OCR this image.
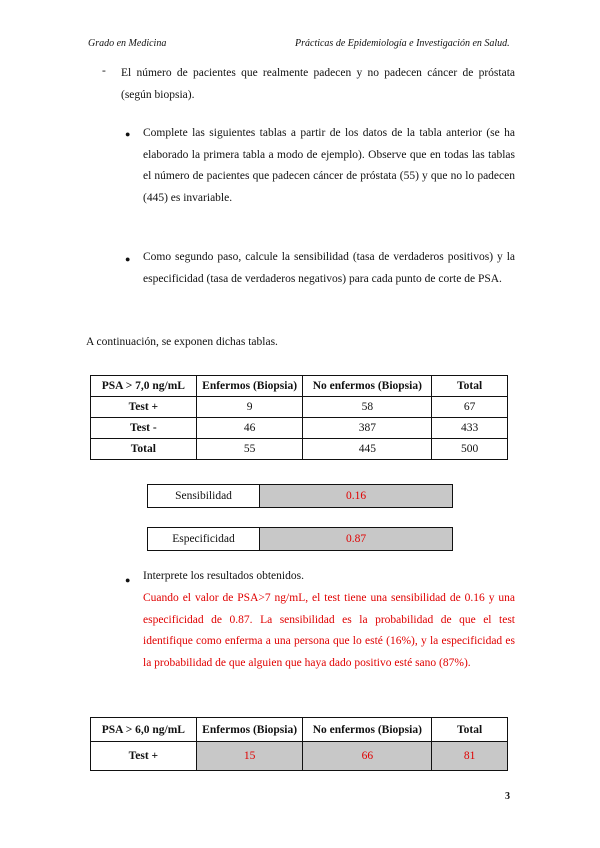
Grado en Medicina	Prácticas de Epidemiología e Investigación en Salud.
- El número de pacientes que realmente padecen y no padecen cáncer de próstata (según biopsia).
● Complete las siguientes tablas a partir de los datos de la tabla anterior (se ha elaborado la primera tabla a modo de ejemplo). Observe que en todas las tablas el número de pacientes que padecen cáncer de próstata (55) y que no lo padecen (445) es invariable.
● Como segundo paso, calcule la sensibilidad (tasa de verdaderos positivos) y la especificidad (tasa de verdaderos negativos) para cada punto de corte de PSA.
A continuación, se exponen dichas tablas.
PSA > 7,0 ng/mL	Enfermos (Biopsia)	No enfermos (Biopsia)	Total
Test +	9	58	67
Test -	46	387	433
Total	55	445	500
Sensibilidad	0.16
Especificidad	0.87
● Interprete los resultados obtenidos.
Cuando el valor de PSA>7 ng/mL, el test tiene una sensibilidad de 0.16 y una especificidad de 0.87. La sensibilidad es la probabilidad de que el test identifique como enferma a una persona que lo esté (16%), y la especificidad es la probabilidad de que alguien que haya dado positivo esté sano (87%).
PSA > 6,0 ng/mL	Enfermos (Biopsia)	No enfermos (Biopsia)	Total
Test +	15	66	81
3
